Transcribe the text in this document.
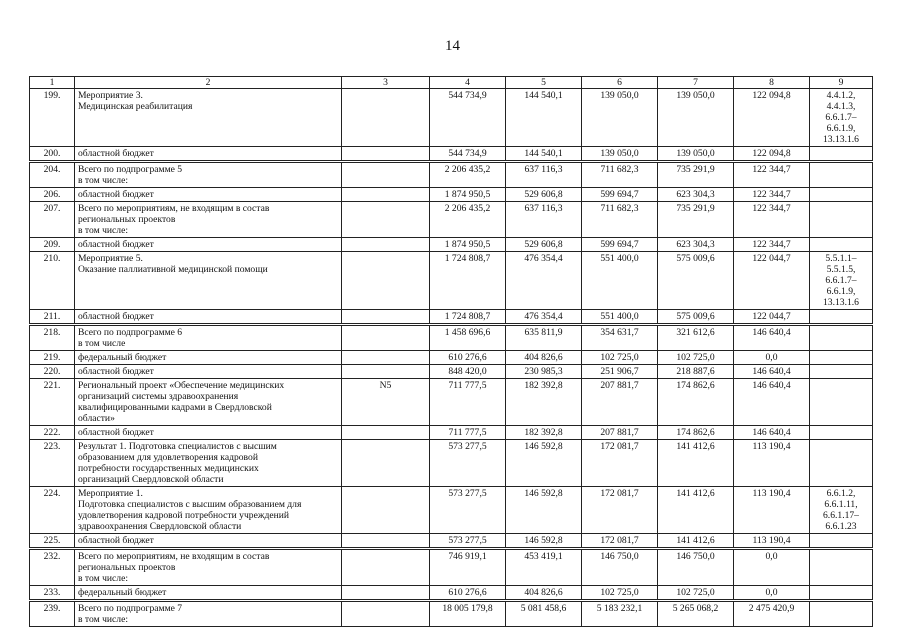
14
1	2	3	4	5	6	7	8	9
199.	Мероприятие 3.
Медицинская реабилитация		544 734,9	144 540,1	139 050,0	139 050,0	122 094,8	4.4.1.2, 4.4.1.3,
6.6.1.7–6.6.1.9,
13.13.1.6
200.	областной бюджет		544 734,9	144 540,1	139 050,0	139 050,0	122 094,8	
204.	Всего по подпрограмме 5
в том числе:		2 206 435,2	637 116,3	711 682,3	735 291,9	122 344,7	
206.	областной бюджет		1 874 950,5	529 606,8	599 694,7	623 304,3	122 344,7	
207.	Всего по мероприятиям, не входящим в состав
региональных проектов
в том числе:		2 206 435,2	637 116,3	711 682,3	735 291,9	122 344,7	
209.	областной бюджет		1 874 950,5	529 606,8	599 694,7	623 304,3	122 344,7	
210.	Мероприятие 5.
Оказание паллиативной медицинской помощи		1 724 808,7	476 354,4	551 400,0	575 009,6	122 044,7	5.5.1.1–5.5.1.5,
6.6.1.7–6.6.1.9,
13.13.1.6
211.	областной бюджет		1 724 808,7	476 354,4	551 400,0	575 009,6	122 044,7	
218.	Всего по подпрограмме 6
в том числе		1 458 696,6	635 811,9	354 631,7	321 612,6	146 640,4	
219.	федеральный бюджет		610 276,6	404 826,6	102 725,0	102 725,0	0,0	
220.	областной бюджет		848 420,0	230 985,3	251 906,7	218 887,6	146 640,4	
221.	Региональный проект «Обеспечение медицинских
организаций системы здравоохранения
квалифицированными кадрами в Свердловской
области»	N5	711 777,5	182 392,8	207 881,7	174 862,6	146 640,4	
222.	областной бюджет		711 777,5	182 392,8	207 881,7	174 862,6	146 640,4	
223.	Результат 1. Подготовка специалистов с высшим
образованием для удовлетворения кадровой
потребности государственных медицинских
организаций Свердловской области		573 277,5	146 592,8	172 081,7	141 412,6	113 190,4	
224.	Мероприятие 1.
Подготовка специалистов с высшим образованием для
удовлетворения кадровой потребности учреждений
здравоохранения Свердловской области		573 277,5	146 592,8	172 081,7	141 412,6	113 190,4	6.6.1.2, 6.6.1.11,
6.6.1.17–6.6.1.23
225.	областной бюджет		573 277,5	146 592,8	172 081,7	141 412,6	113 190,4	
232.	Всего по мероприятиям, не входящим в состав
региональных проектов
в том числе:		746 919,1	453 419,1	146 750,0	146 750,0	0,0	
233.	федеральный бюджет		610 276,6	404 826,6	102 725,0	102 725,0	0,0	
239.	Всего по подпрограмме 7
в том числе:		18 005 179,8	5 081 458,6	5 183 232,1	5 265 068,2	2 475 420,9	
